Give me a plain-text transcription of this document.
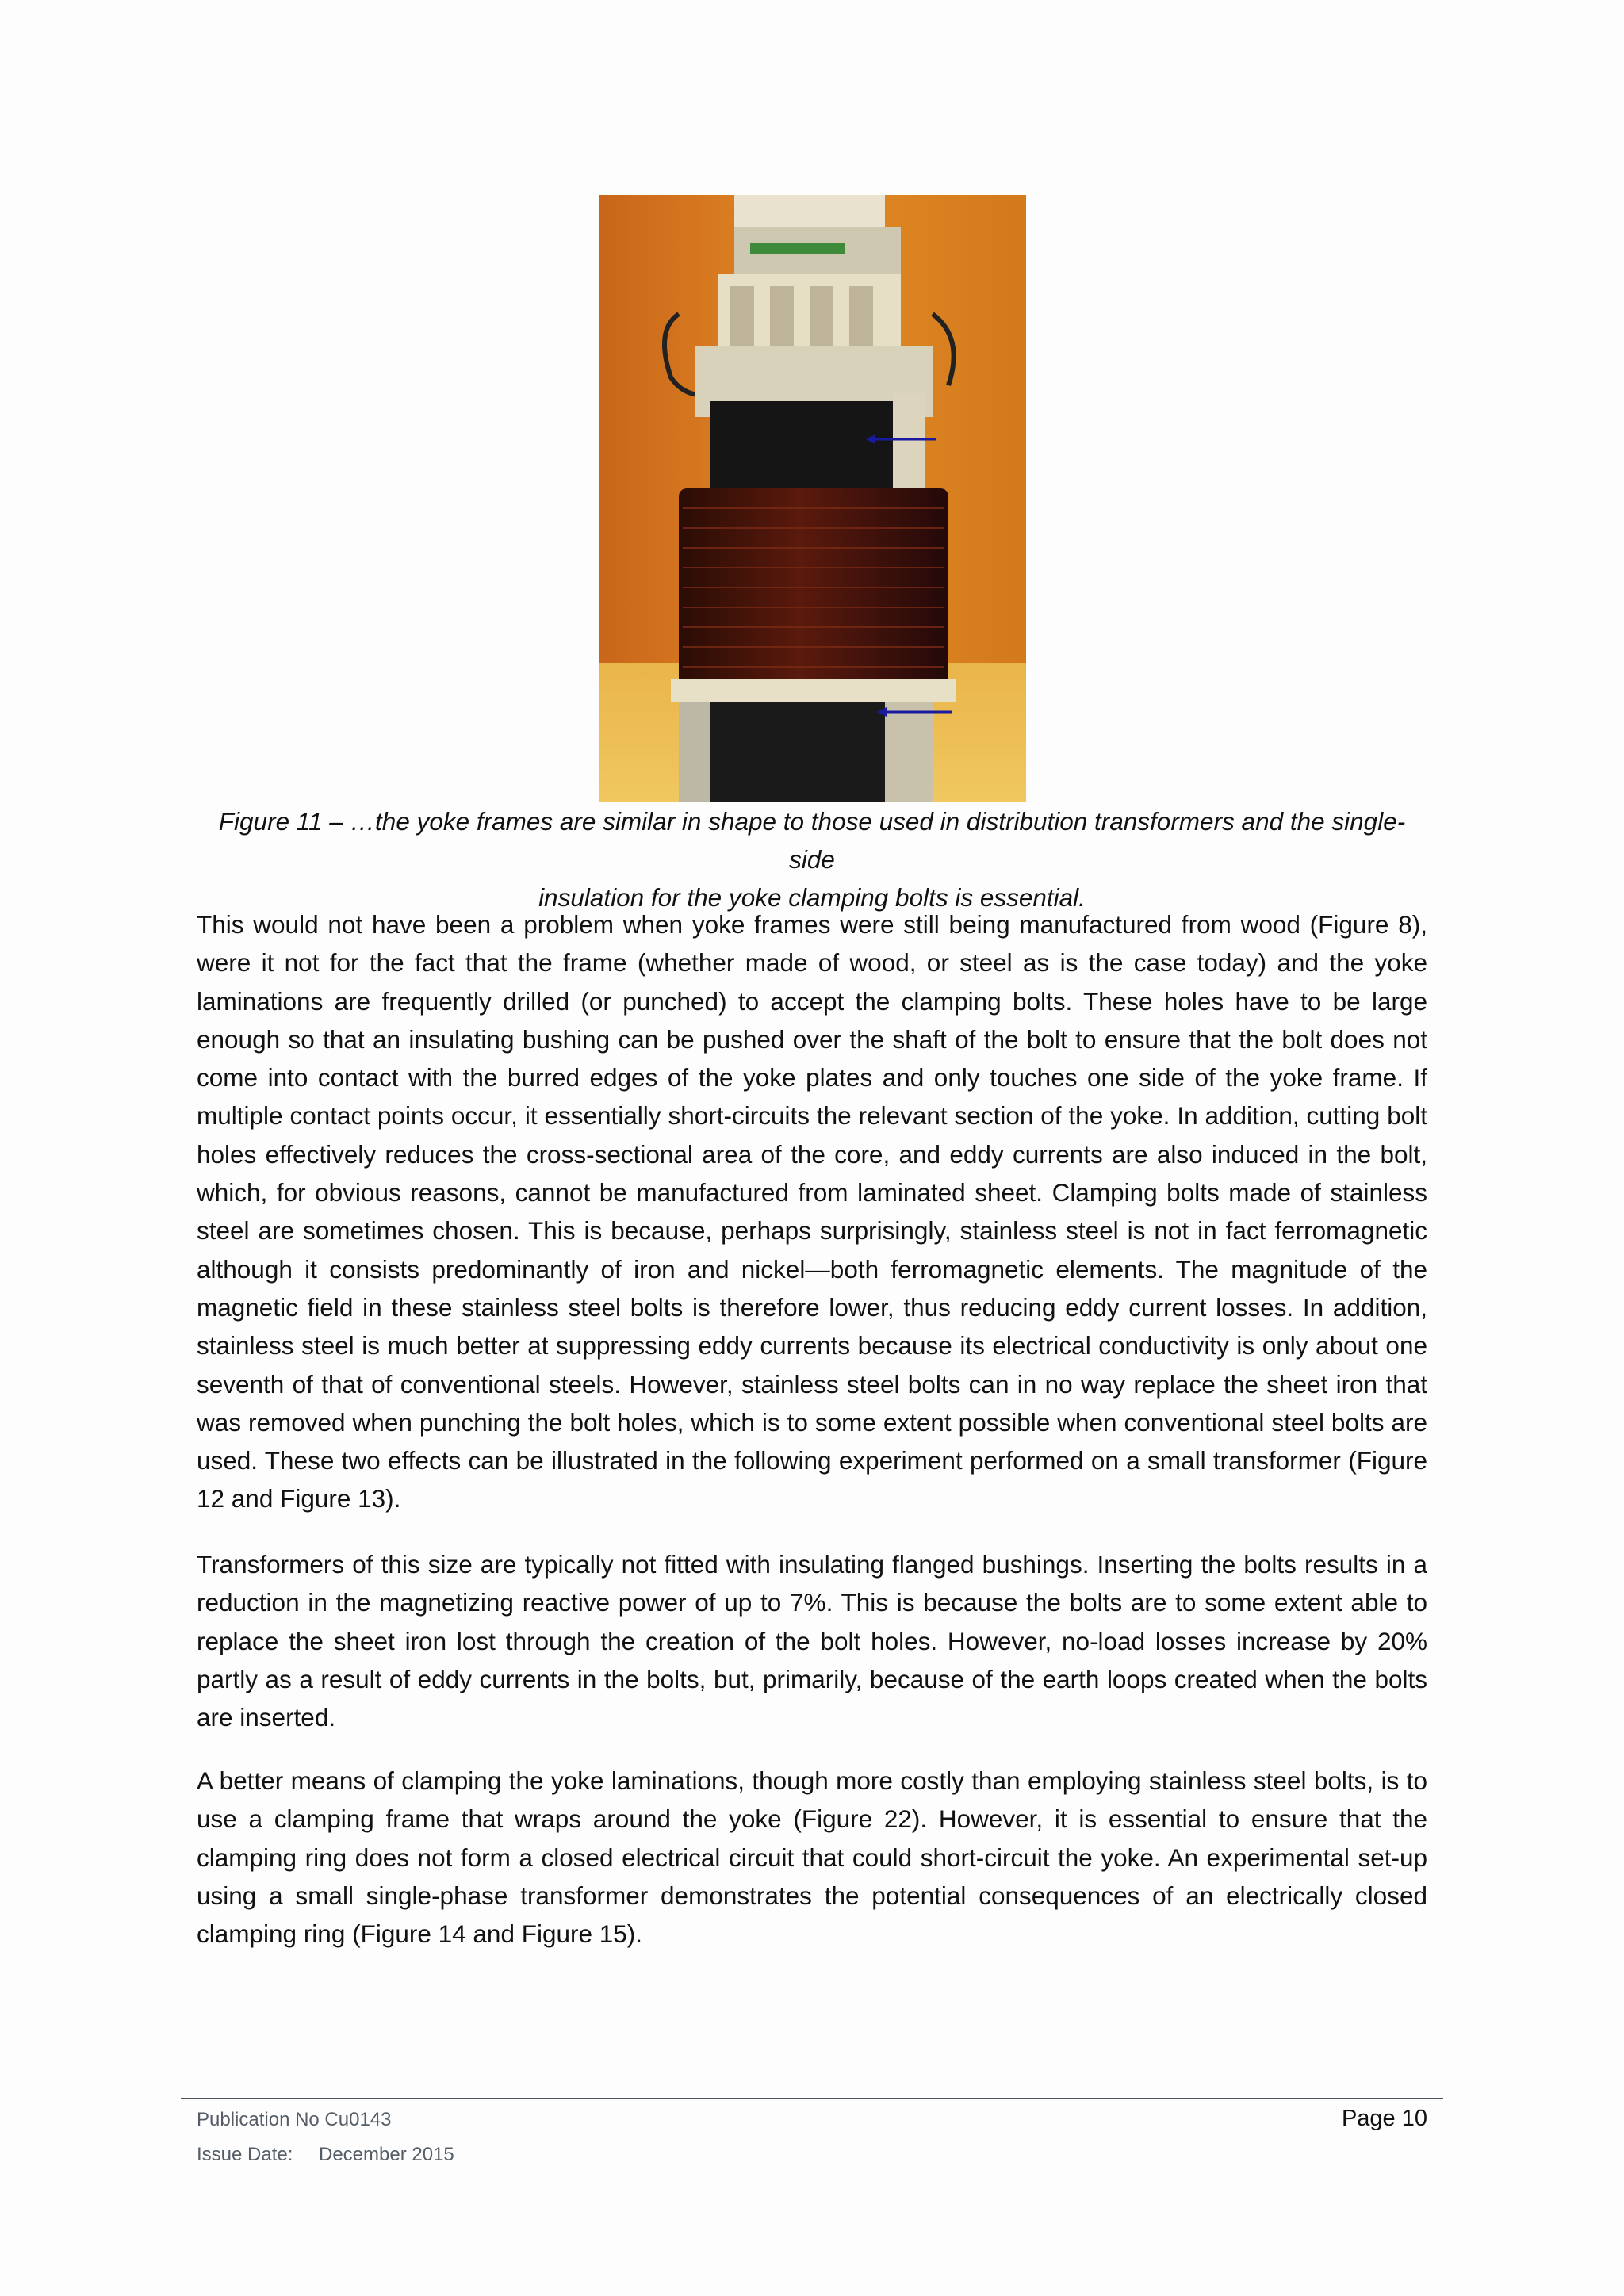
Figure 11 – …the yoke frames are similar in shape to those used in distribution transformers and the single-side
insulation for the yoke clamping bolts is essential.

This would not have been a problem when yoke frames were still being manufactured from wood (Figure 8), were it not for the fact that the frame (whether made of wood, or steel as is the case today) and the yoke laminations are frequently drilled (or punched) to accept the clamping bolts. These holes have to be large enough so that an insulating bushing can be pushed over the shaft of the bolt to ensure that the bolt does not come into contact with the burred edges of the yoke plates and only touches one side of the yoke frame. If multiple contact points occur, it essentially short-circuits the relevant section of the yoke. In addition, cutting bolt holes effectively reduces the cross-sectional area of the core, and eddy currents are also induced in the bolt, which, for obvious reasons, cannot be manufactured from laminated sheet. Clamping bolts made of stainless steel are sometimes chosen. This is because, perhaps surprisingly, stainless steel is not in fact ferromagnetic although it consists predominantly of iron and nickel—both ferromagnetic elements. The magnitude of the magnetic field in these stainless steel bolts is therefore lower, thus reducing eddy current losses. In addition, stainless steel is much better at suppressing eddy currents because its electrical conductivity is only about one seventh of that of conventional steels. However, stainless steel bolts can in no way replace the sheet iron that was removed when punching the bolt holes, which is to some extent possible when conventional steel bolts are used. These two effects can be illustrated in the following experiment performed on a small transformer (Figure 12 and Figure 13).

Transformers of this size are typically not fitted with insulating flanged bushings. Inserting the bolts results in a reduction in the magnetizing reactive power of up to 7%. This is because the bolts are to some extent able to replace the sheet iron lost through the creation of the bolt holes. However, no-load losses increase by 20% partly as a result of eddy currents in the bolts, but, primarily, because of the earth loops created when the bolts are inserted.

A better means of clamping the yoke laminations, though more costly than employing stainless steel bolts, is to use a clamping frame that wraps around the yoke (Figure 22). However, it is essential to ensure that the clamping ring does not form a closed electrical circuit that could short-circuit the yoke. An experimental set-up using a small single-phase transformer demonstrates the potential consequences of an electrically closed clamping ring (Figure 14 and Figure 15).

Publication No Cu0143
Issue Date: December 2015
Page 10
